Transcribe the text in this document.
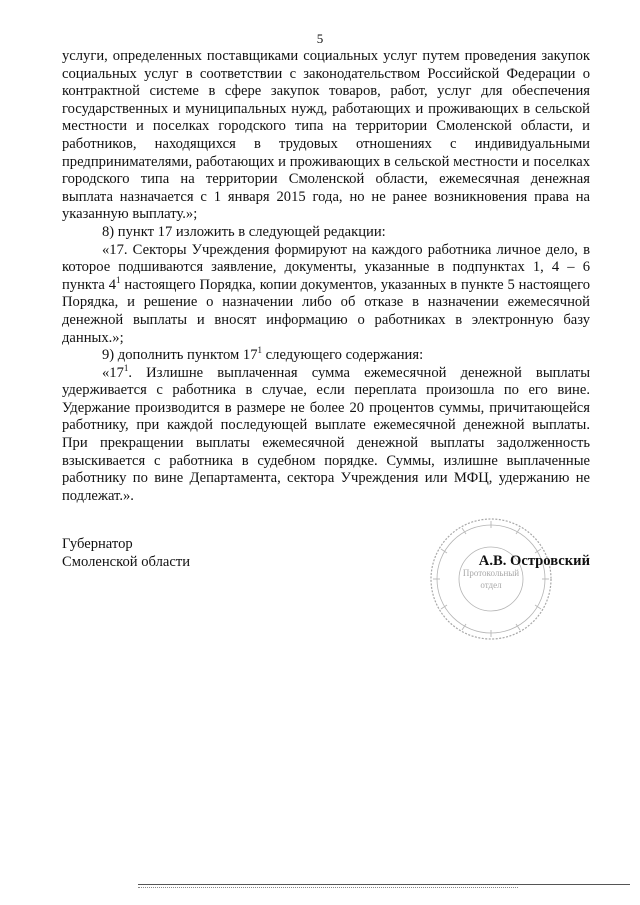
5

услуги, определенных поставщиками социальных услуг путем проведения закупок социальных услуг в соответствии с законодательством Российской Федерации о контрактной системе в сфере закупок товаров, работ, услуг для обеспечения государственных и муниципальных нужд, работающих и проживающих в сельской местности и поселках городского типа на территории Смоленской области, и работников, находящихся в трудовых отношениях с индивидуальными предпринимателями, работающих и проживающих в сельской местности и поселках городского типа на территории Смоленской области, ежемесячная денежная выплата назначается с 1 января 2015 года, но не ранее возникновения права на указанную выплату.»;

8) пункт 17 изложить в следующей редакции:

«17. Секторы Учреждения формируют на каждого работника личное дело, в которое подшиваются заявление, документы, указанные в подпунктах 1, 4 – 6 пункта $4^1$ настоящего Порядка, копии документов, указанных в пункте 5 настоящего Порядка, и решение о назначении либо об отказе в назначении ежемесячной денежной выплаты и вносят информацию о работниках в электронную базу данных.»;

9) дополнить пунктом $17^1$ следующего содержания:

«$17^1$. Излишне выплаченная сумма ежемесячной денежной выплаты удерживается с работника в случае, если переплата произошла по его вине. Удержание производится в размере не более 20 процентов суммы, причитающейся работнику, при каждой последующей выплате ежемесячной денежной выплаты. При прекращении выплаты ежемесячной денежной выплаты задолженность взыскивается с работника в судебном порядке. Суммы, излишне выплаченные работнику по вине Департамента, сектора Учреждения или МФЦ, удержанию не подлежат.».

Губернатор
Смоленской области
Протокольный
отдел
А.В. Островский
